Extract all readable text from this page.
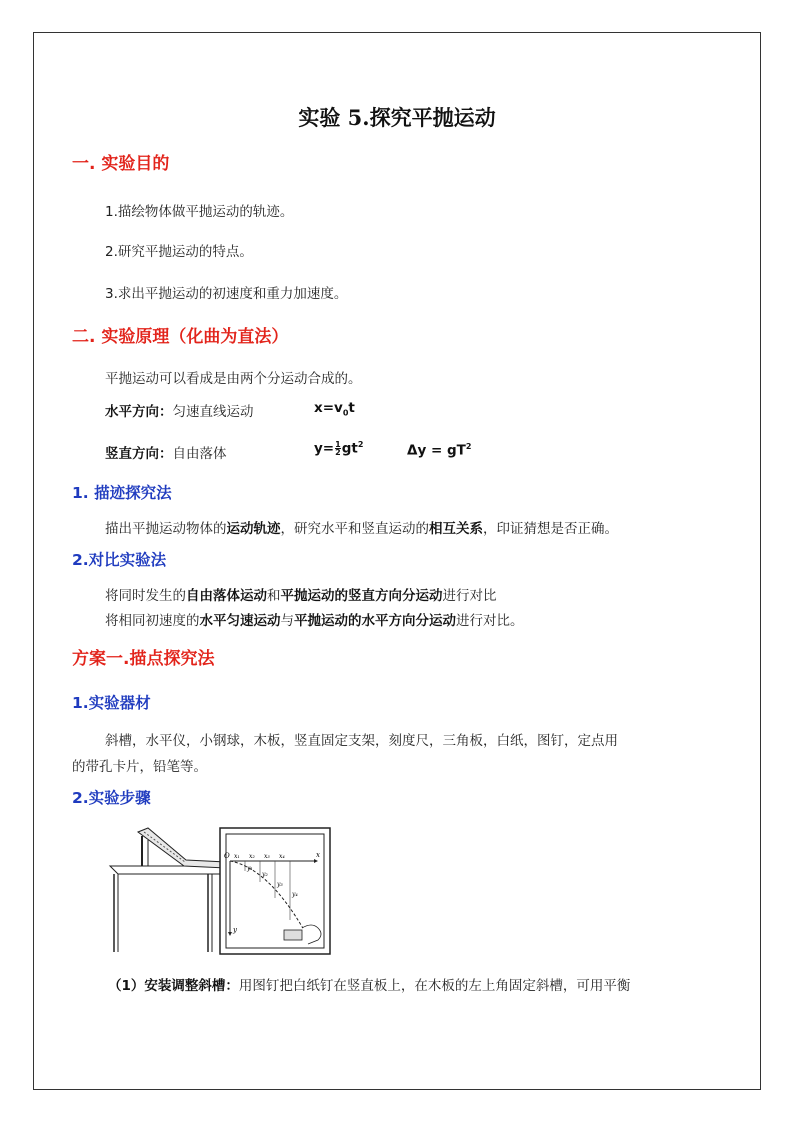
实验 5.探究平抛运动
一. 实验目的
1.描绘物体做平抛运动的轨迹。
2.研究平抛运动的特点。
3.求出平抛运动的初速度和重力加速度。
二. 实验原理（化曲为直法）
平抛运动可以看成是由两个分运动合成的。
水平方向：匀速直线运动	$x=v_0t$
竖直方向：自由落体	$y= \frac{1}{2} gt^2$	$\Delta y = gT^2$
1. 描迹探究法
描出平抛运动物体的运动轨迹，研究水平和竖直运动的相互关系，印证猜想是否正确。
2.对比实验法
将同时发生的自由落体运动和平抛运动的竖直方向分运动进行对比
将相同初速度的水平匀速运动与平抛运动的水平方向分运动进行对比。
方案一.描点探究法
1.实验器材
斜槽，水平仪，小钢球，木板，竖直固定支架，刻度尺，三角板，白纸，图钉，定点用
的带孔卡片，铅笔等。
2.实验步骤
O	x
y
x₁ x₂ x₃ x₄
y₁
y₂
y₃
y₄
（1）安装调整斜槽：用图钉把白纸钉在竖直板上，在木板的左上角固定斜槽，可用平衡
